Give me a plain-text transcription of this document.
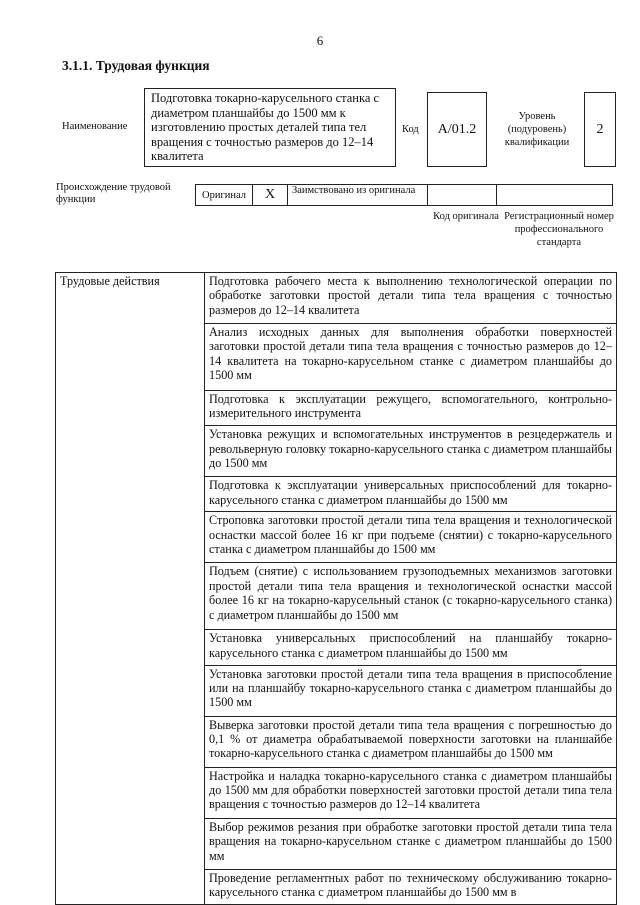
6
3.1.1. Трудовая функция
Наименование
Подготовка токарно-карусельного станка с диаметром планшайбы до 1500 мм к изготовлению простых деталей типа тел вращения с точностью размеров до 12–14 квалитета
Код	A/01.2
Уровень (подуровень) квалификации
2
Происхождение трудовой функции	Оригинал	X	Заимствовано из оригинала
Код оригинала Регистрационный номер профессионального стандарта
Трудовые действия	Подготовка рабочего места к выполнению технологической операции по обработке заготовки простой детали типа тела вращения с точностью размеров до 12–14 квалитета
Анализ исходных данных для выполнения обработки поверхностей заготовки простой детали типа тела вращения с точностью размеров до 12–14 квалитета на токарно-карусельном станке с диаметром планшайбы до 1500 мм
Подготовка к эксплуатации режущего, вспомогательного, контрольно-измерительного инструмента
Установка режущих и вспомогательных инструментов в резцедержатель и револьверную головку токарно-карусельного станка с диаметром планшайбы до 1500 мм
Подготовка к эксплуатации универсальных приспособлений для токарно-карусельного станка с диаметром планшайбы до 1500 мм
Строповка заготовки простой детали типа тела вращения и технологической оснастки массой более 16 кг при подъеме (снятии) с токарно-карусельного станка с диаметром планшайбы до 1500 мм
Подъем (снятие) с использованием грузоподъемных механизмов заготовки простой детали типа тела вращения и технологической оснастки массой более 16 кг на токарно-карусельный станок (с токарно-карусельного станка) с диаметром планшайбы до 1500 мм
Установка универсальных приспособлений на планшайбу токарно-карусельного станка с диаметром планшайбы до 1500 мм
Установка заготовки простой детали типа тела вращения в приспособление или на планшайбу токарно-карусельного станка с диаметром планшайбы до 1500 мм
Выверка заготовки простой детали типа тела вращения с погрешностью до 0,1 % от диаметра обрабатываемой поверхности заготовки на планшайбе токарно-карусельного станка с диаметром планшайбы до 1500 мм
Настройка и наладка токарно-карусельного станка с диаметром планшайбы до 1500 мм для обработки поверхностей заготовки простой детали типа тела вращения с точностью размеров до 12–14 квалитета
Выбор режимов резания при обработке заготовки простой детали типа тела вращения на токарно-карусельном станке с диаметром планшайбы до 1500 мм
Проведение регламентных работ по техническому обслуживанию токарно-карусельного станка с диаметром планшайбы до 1500 мм в
